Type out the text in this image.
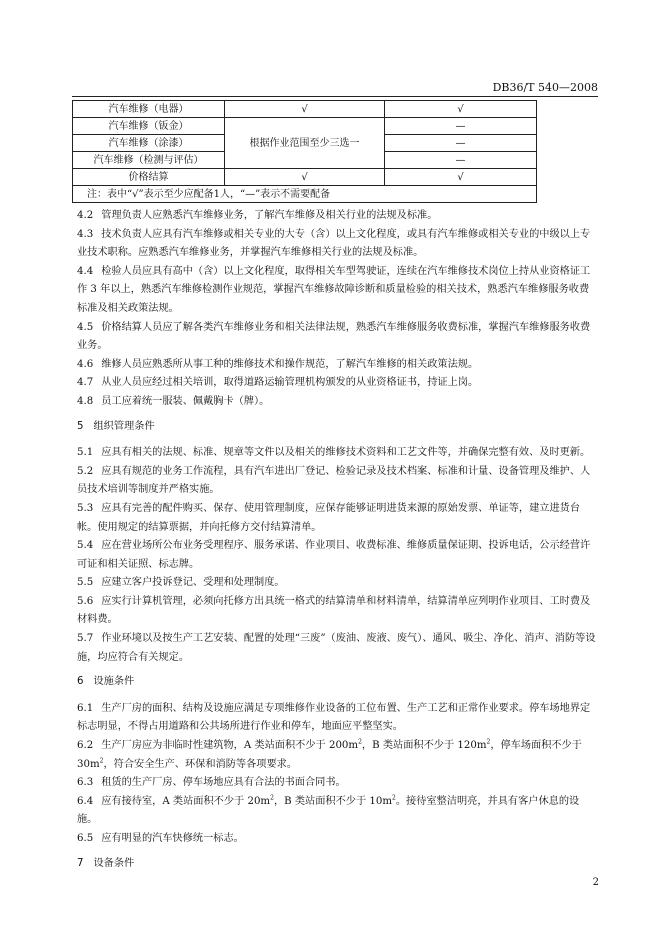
DB36/T 540—2008
汽车维修（电器）	√	√
汽车维修（钣金）	根据作业范围至少三选一	—
汽车维修（涂漆）		—
汽车维修（检测与评估）		—
价格结算	√	√
注：表中“√”表示至少应配备1人，“—”表示不需要配备		

4.2 管理负责人应熟悉汽车维修业务，了解汽车维修及相关行业的法规及标准。

4.3 技术负责人应具有汽车维修或相关专业的大专（含）以上文化程度，或具有汽车维修或相关专业的中级以上专业技术职称。应熟悉汽车维修业务，并掌握汽车维修相关行业的法规及标准。

4.4 检验人员应具有高中（含）以上文化程度，取得相关车型驾驶证，连续在汽车维修技术岗位上持从业资格证工作 3 年以上，熟悉汽车维修检测作业规范，掌握汽车维修故障诊断和质量检验的相关技术，熟悉汽车维修服务收费标准及相关政策法规。

4.5 价格结算人员应了解各类汽车维修业务和相关法律法规，熟悉汽车维修服务收费标准，掌握汽车维修服务收费业务。

4.6 维修人员应熟悉所从事工种的维修技术和操作规范，了解汽车维修的相关政策法规。

4.7 从业人员应经过相关培训，取得道路运输管理机构颁发的从业资格证书，持证上岗。

4.8 员工应着统一服装、佩戴胸卡（牌）。

5 组织管理条件

5.1 应具有相关的法规、标准、规章等文件以及相关的维修技术资料和工艺文件等，并确保完整有效、及时更新。

5.2 应具有规范的业务工作流程，具有汽车进出厂登记、检验记录及技术档案、标准和计量、设备管理及维护、人员技术培训等制度并严格实施。

5.3 应具有完善的配件购买、保存、使用管理制度，应保存能够证明进货来源的原始发票、单证等，建立进货台帐。使用规定的结算票据，并向托修方交付结算清单。

5.4 应在营业场所公布业务受理程序、服务承诺、作业项目、收费标准、维修质量保证期、投诉电话，公示经营许可证和相关证照、标志牌。

5.5 应建立客户投诉登记、受理和处理制度。

5.6 应实行计算机管理，必须向托修方出具统一格式的结算清单和材料清单，结算清单应列明作业项目、工时费及材料费。

5.7 作业环境以及按生产工艺安装、配置的处理“三废”（废油、废液、废气）、通风、吸尘、净化、消声、消防等设施，均应符合有关规定。

6 设施条件

6.1 生产厂房的面积、结构及设施应满足专项维修作业设备的工位布置、生产工艺和正常作业要求。停车场地界定标志明显，不得占用道路和公共场所进行作业和停车，地面应平整坚实。

6.2 生产厂房应为非临时性建筑物，A 类站面积不少于 $200m^2$，B 类站面积不少于 $120m^2$，停车场面积不少于 $30m^2$，符合安全生产、环保和消防等各项要求。

6.3 租赁的生产厂房、停车场地应具有合法的书面合同书。

6.4 应有接待室，A 类站面积不少于 $20m^2$，B 类站面积不少于 $10m^2$。接待室整洁明亮，并具有客户休息的设施。

6.5 应有明显的汽车快修统一标志。

7 设备条件
2
